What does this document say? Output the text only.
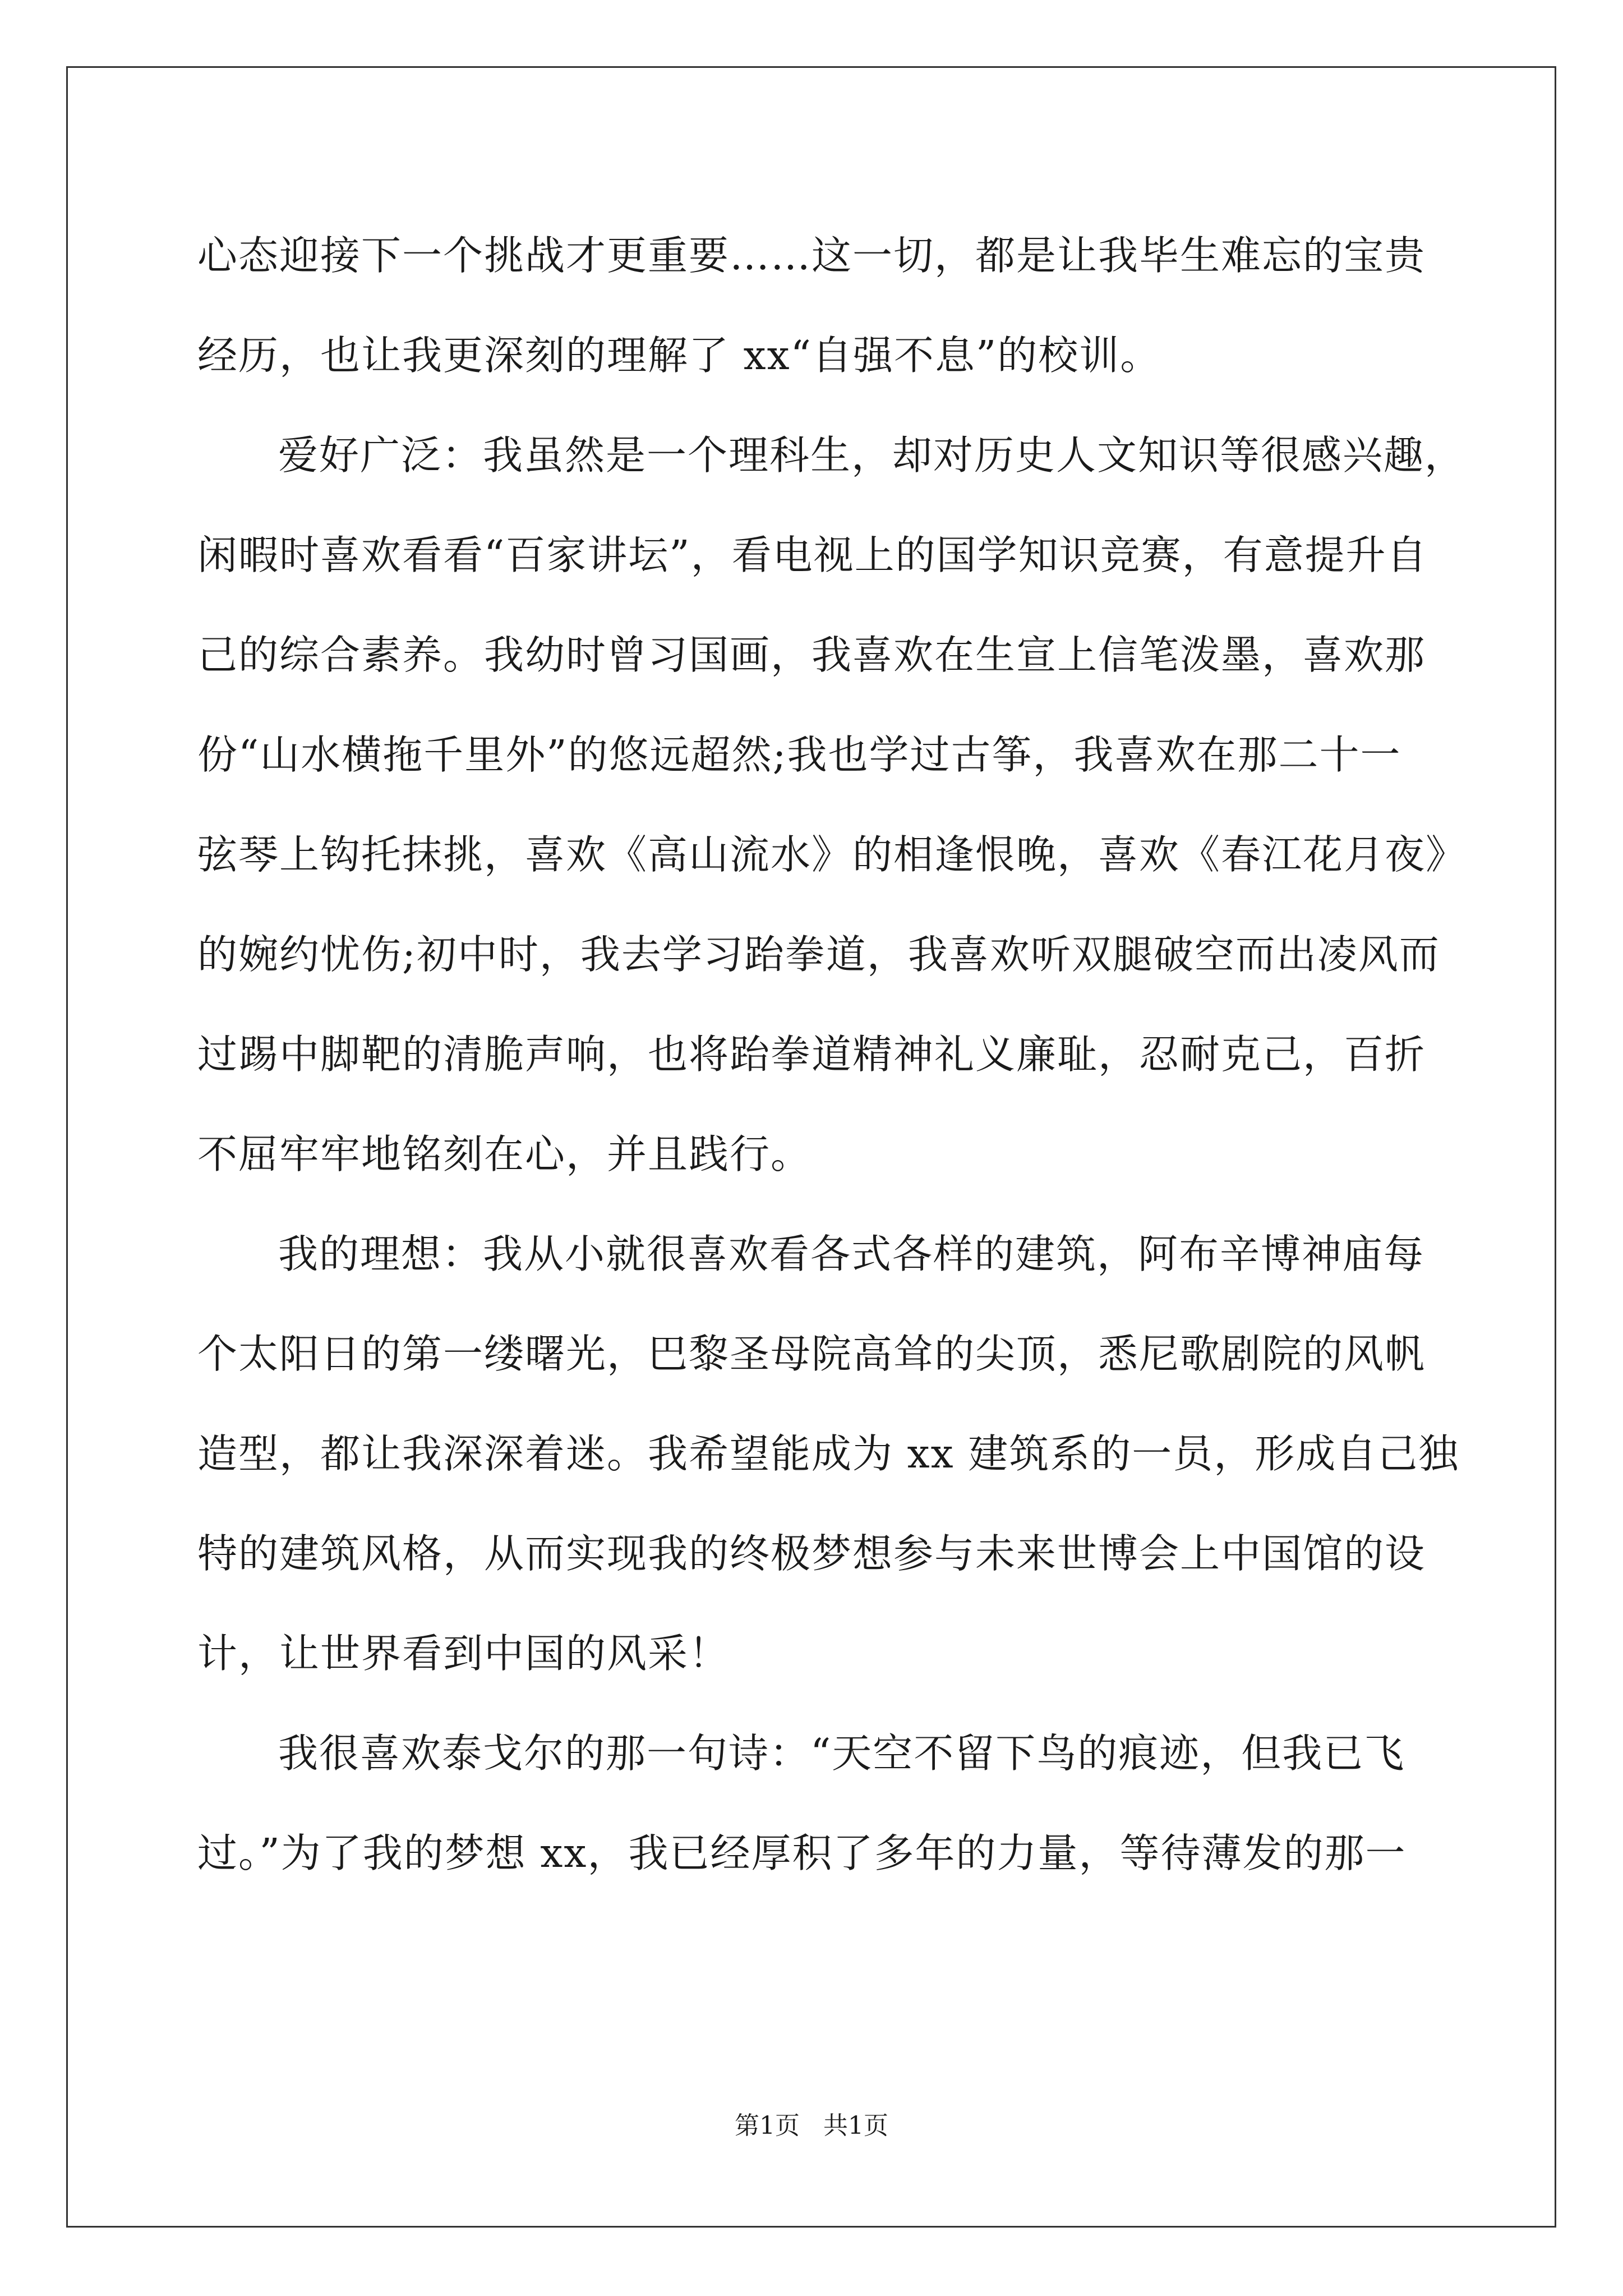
心态迎接下一个挑战才更重要……这一切，都是让我毕生难忘的宝贵
经历，也让我更深刻的理解了 xx“自强不息”的校训。
爱好广泛：我虽然是一个理科生，却对历史人文知识等很感兴趣，
闲暇时喜欢看看“百家讲坛”，看电视上的国学知识竞赛，有意提升自
己的综合素养。我幼时曾习国画，我喜欢在生宣上信笔泼墨，喜欢那
份“山水横拖千里外”的悠远超然;我也学过古筝，我喜欢在那二十一
弦琴上钩托抹挑，喜欢《高山流水》的相逢恨晚，喜欢《春江花月夜》
的婉约忧伤;初中时，我去学习跆拳道，我喜欢听双腿破空而出凌风而
过踢中脚靶的清脆声响，也将跆拳道精神礼义廉耻，忍耐克己，百折
不屈牢牢地铭刻在心，并且践行。
我的理想：我从小就很喜欢看各式各样的建筑，阿布辛博神庙每
个太阳日的第一缕曙光，巴黎圣母院高耸的尖顶，悉尼歌剧院的风帆
造型，都让我深深着迷。我希望能成为 xx 建筑系的一员，形成自己独
特的建筑风格，从而实现我的终极梦想参与未来世博会上中国馆的设
计，让世界看到中国的风采！
我很喜欢泰戈尔的那一句诗：“天空不留下鸟的痕迹，但我已飞
过。”为了我的梦想 xx，我已经厚积了多年的力量，等待薄发的那一
第1页   共1页
